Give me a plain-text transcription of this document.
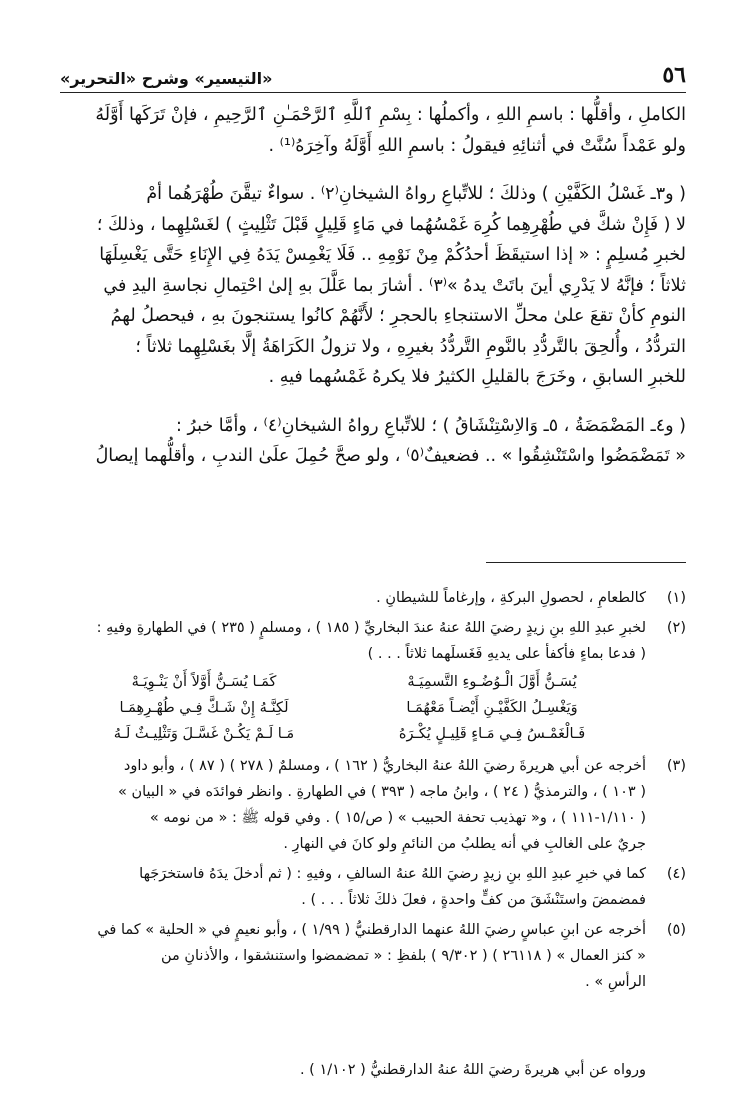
٥٦
«التيسير» وشرح «التحرير»

الكاملِ ، وأقلُّها : باسمِ اللهِ ، وأكملُها : بِسْمِ ٱللَّهِ ٱلرَّحْمَـٰنِ ٱلرَّحِيمِ ، فإنْ تَرَكَها أَوَّلَهُ

ولو عَمْداً سُنَّتْ في أثنائِهِ فيقولُ : باسمِ اللهِ أَوَّلَهُ وآخِرَهُ⁽¹⁾ .

( و٣ـ غَسْلُ الكَفَّيْنِ ) وذلكَ ؛ للاتِّباعِ رواهُ الشيخانِ⁽٢⁾ . سواءٌ تيقَّنَ طُهْرَهُما أمْ

لا ( فَإِنْ شكَّ في طُهْرِهِما كُرِهَ غَمْسُهُما في مَاءٍ قَلِيلٍ قَبْلَ تَثْلِيثٍ ) لغَسْلِهِما ، وذلكَ ؛

لخبرِ مُسلِمٍ : « إذا استيقَظَ أحدُكُمْ مِنْ نَوْمِهِ .. فَلَا يَغْمِسْ يَدَهُ فِي الإِنَاءِ حَتَّى يَغْسِلَهَا

ثلاثاً ؛ فإنَّهُ لا يَدْرِي أينَ باتَتْ يدهُ »⁽٣⁾ . أشارَ بما عَلَّلَ بهِ إلىٰ احْتِمالِ نجاسةِ اليدِ في

النومِ كأنْ تقعَ علىٰ محلِّ الاستنجاءِ بالحجرِ ؛ لأَنَّهُمْ كانُوا يستنجونَ بهِ ، فيحصلُ لهمُ

التردُّدُ ، وأُلحِقَ بالتَّردُّدِ بالنَّومِ التَّردُّدُ بغيرِهِ ، ولا تزولُ الكَرَاهَةُ إلَّا بغَسْلِهِما ثلاثاً ؛

للخبرِ السابقِ ، وخَرَجَ بالقليلِ الكثيرُ فلا يكرهُ غَمْسُهما فيهِ .

( و٤ـ المَضْمَضَةُ ، ٥ـ وَالاِسْتِنْشَاقُ ) ؛ للاتِّباعِ رواهُ الشيخانِ⁽٤⁾ ، وأمَّا خبرُ :

« تَمَضْمَضُوا واسْتَنْشِقُوا » .. فضعيفٌ⁽٥⁾ ، ولو صحَّ حُمِلَ علَىٰ الندبِ ، وأقلُّهما إيصالُ

(١)

كالطعامِ ، لحصولِ البركةِ ، وإرغاماً للشيطانِ .

(٢)

لخبرِ عبدِ اللهِ بنِ زيدٍ رضيَ اللهُ عنهُ عندَ البخاريِّ ( ١٨٥ ) ، ومسلمٍ ( ٢٣٥ ) في الطهارةِ وفيهِ :

( فدعا بماءٍ فأكفأ على يديهِ فَغَسلَهما ثلاثاً . . . )

يُسَـنُّ أَوَّلَ الْـوُضُـوءِ التَّسمِيَـهْ
كَمَـا يُسَـنُّ أَوَّلاً أَنْ يَنْـوِيَـهْ
وَيَغْسِـلُ الكَفَّيْـنِ أَيْضـاً مَعْهُمَـا
لَكِنَّـهُ إِنْ شَـكَّ فِـي طُهْـرِهِمَـا
فَـالْغَمْـسُ فِـي مَـاءٍ قَلِيـلٍ يُكْـرَهُ
مَـا لَـمْ يَكُـنْ غَسَّـلَ وَتَثْلِيـثٌ لَـهُ
(٣)

أخرجه عن أبي هريرةَ رضيَ اللهُ عنهُ البخاريُّ ( ١٦٢ ) ، ومسلمٌ ( ٢٧٨ ) ( ٨٧ ) ، وأبو داود

( ١٠٣ ) ، والترمذيُّ ( ٢٤ ) ، وابنُ ماجه ( ٣٩٣ ) في الطهارةِ . وانظر فوائدَه في « البيان »

( ١/١١٠-١١١ ) ، و« تهذيب تحفة الحبيب » ( ص/١٥ ) . وفي قوله ﷺ : « من نومه »

جريٌ على الغالبِ في أنه يطلبُ من النائمِ ولو كانَ في النهارِ .

(٤)

كما في خبرِ عبدِ اللهِ بنِ زيدٍ رضيَ اللهُ عنهُ السالفِ ، وفيهِ : ( ثم أدخلَ يدَهُ فاستخرَجَها

فمضمضَ واستَنْشَقَ من كفٍّ واحدةٍ ، فعلَ ذلكَ ثلاثاً . . . ) .

(٥)

أخرجه عن ابنِ عباسٍ رضيَ اللهُ عنهما الدارقطنيُّ ( ١/٩٩ ) ، وأبو نعيمٍ في « الحلية » كما في

« كنز العمال » ( ٢٦١١٨ ) ( ٩/٣٠٢ ) بلفظِ : « تمضمضوا واستنشقوا ، والأذنانِ من

الرأسِ » .

ورواه عن أبي هريرةَ رضيَ اللهُ عنهُ الدارقطنيُّ ( ١/١٠٢ ) .
